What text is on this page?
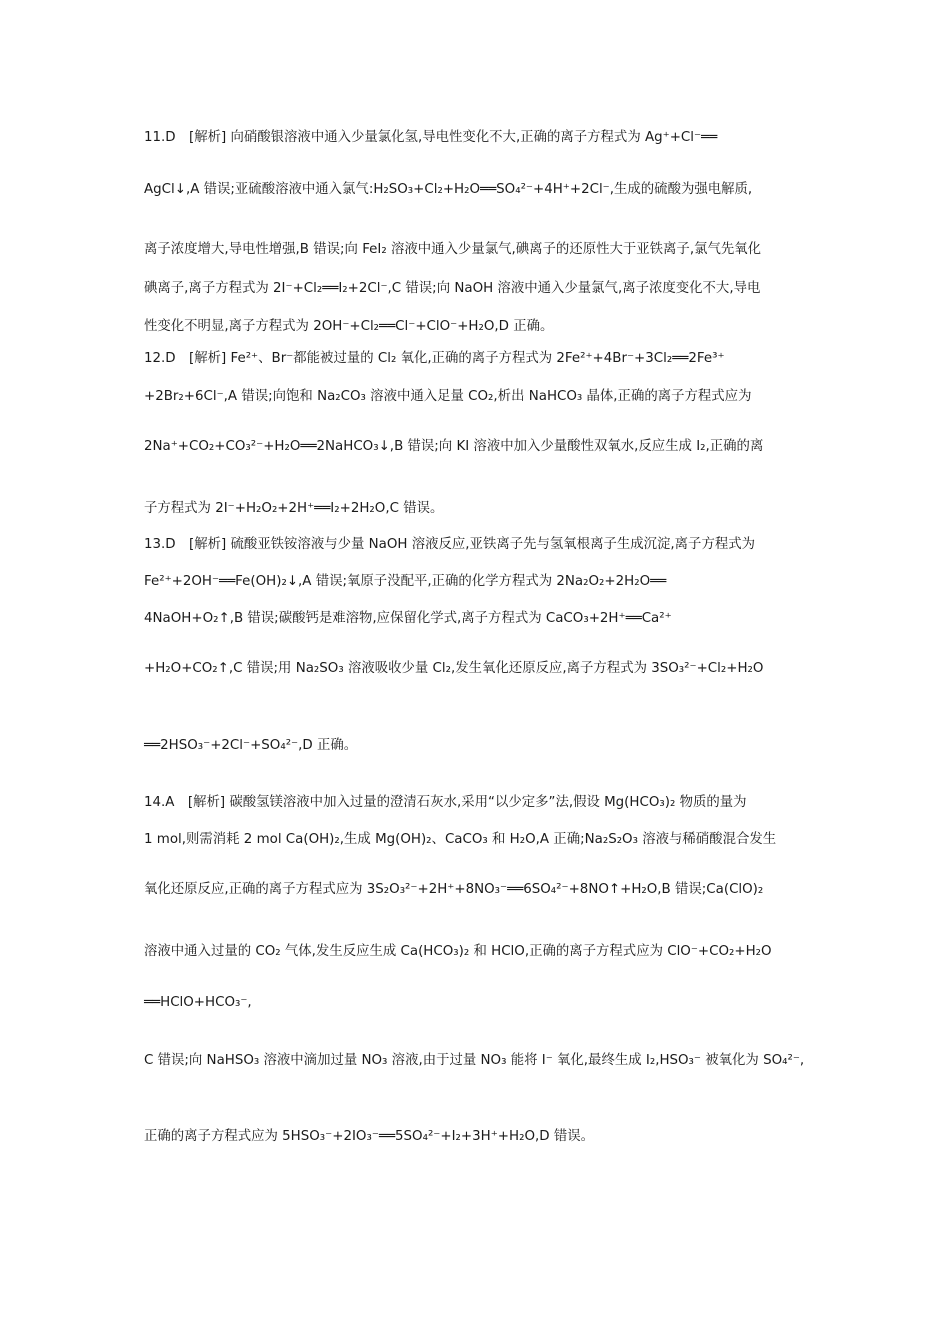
11.D　[解析] 向硝酸银溶液中通入少量氯化氢,导电性变化不大,正确的离子方程式为 Ag⁺+Cl⁻══
AgCl↓,A 错误;亚硫酸溶液中通入氯气:H₂SO₃+Cl₂+H₂O══SO₄²⁻+4H⁺+2Cl⁻,生成的硫酸为强电解质,
离子浓度增大,导电性增强,B 错误;向 FeI₂ 溶液中通入少量氯气,碘离子的还原性大于亚铁离子,氯气先氧化
碘离子,离子方程式为 2I⁻+Cl₂══I₂+2Cl⁻,C 错误;向 NaOH 溶液中通入少量氯气,离子浓度变化不大,导电
性变化不明显,离子方程式为 2OH⁻+Cl₂══Cl⁻+ClO⁻+H₂O,D 正确。
12.D　[解析] Fe²⁺、Br⁻都能被过量的 Cl₂ 氧化,正确的离子方程式为 2Fe²⁺+4Br⁻+3Cl₂══2Fe³⁺
+2Br₂+6Cl⁻,A 错误;向饱和 Na₂CO₃ 溶液中通入足量 CO₂,析出 NaHCO₃ 晶体,正确的离子方程式应为
2Na⁺+CO₂+CO₃²⁻+H₂O══2NaHCO₃↓,B 错误;向 KI 溶液中加入少量酸性双氧水,反应生成 I₂,正确的离
子方程式为 2I⁻+H₂O₂+2H⁺══I₂+2H₂O,C 错误。
13.D　[解析] 硫酸亚铁铵溶液与少量 NaOH 溶液反应,亚铁离子先与氢氧根离子生成沉淀,离子方程式为
Fe²⁺+2OH⁻══Fe(OH)₂↓,A 错误;氧原子没配平,正确的化学方程式为 2Na₂O₂+2H₂O══
4NaOH+O₂↑,B 错误;碳酸钙是难溶物,应保留化学式,离子方程式为 CaCO₃+2H⁺══Ca²⁺
+H₂O+CO₂↑,C 错误;用 Na₂SO₃ 溶液吸收少量 Cl₂,发生氧化还原反应,离子方程式为 3SO₃²⁻+Cl₂+H₂O
══2HSO₃⁻+2Cl⁻+SO₄²⁻,D 正确。
14.A　[解析] 碳酸氢镁溶液中加入过量的澄清石灰水,采用“以少定多”法,假设 Mg(HCO₃)₂ 物质的量为
1 mol,则需消耗 2 mol Ca(OH)₂,生成 Mg(OH)₂、CaCO₃ 和 H₂O,A 正确;Na₂S₂O₃ 溶液与稀硝酸混合发生
氧化还原反应,正确的离子方程式应为 3S₂O₃²⁻+2H⁺+8NO₃⁻══6SO₄²⁻+8NO↑+H₂O,B 错误;Ca(ClO)₂
溶液中通入过量的 CO₂ 气体,发生反应生成 Ca(HCO₃)₂ 和 HClO,正确的离子方程式应为 ClO⁻+CO₂+H₂O
══HClO+HCO₃⁻,
C 错误;向 NaHSO₃ 溶液中滴加过量 NO₃ 溶液,由于过量 NO₃ 能将 I⁻ 氧化,最终生成 I₂,HSO₃⁻ 被氧化为 SO₄²⁻,
正确的离子方程式应为 5HSO₃⁻+2IO₃⁻══5SO₄²⁻+I₂+3H⁺+H₂O,D 错误。
